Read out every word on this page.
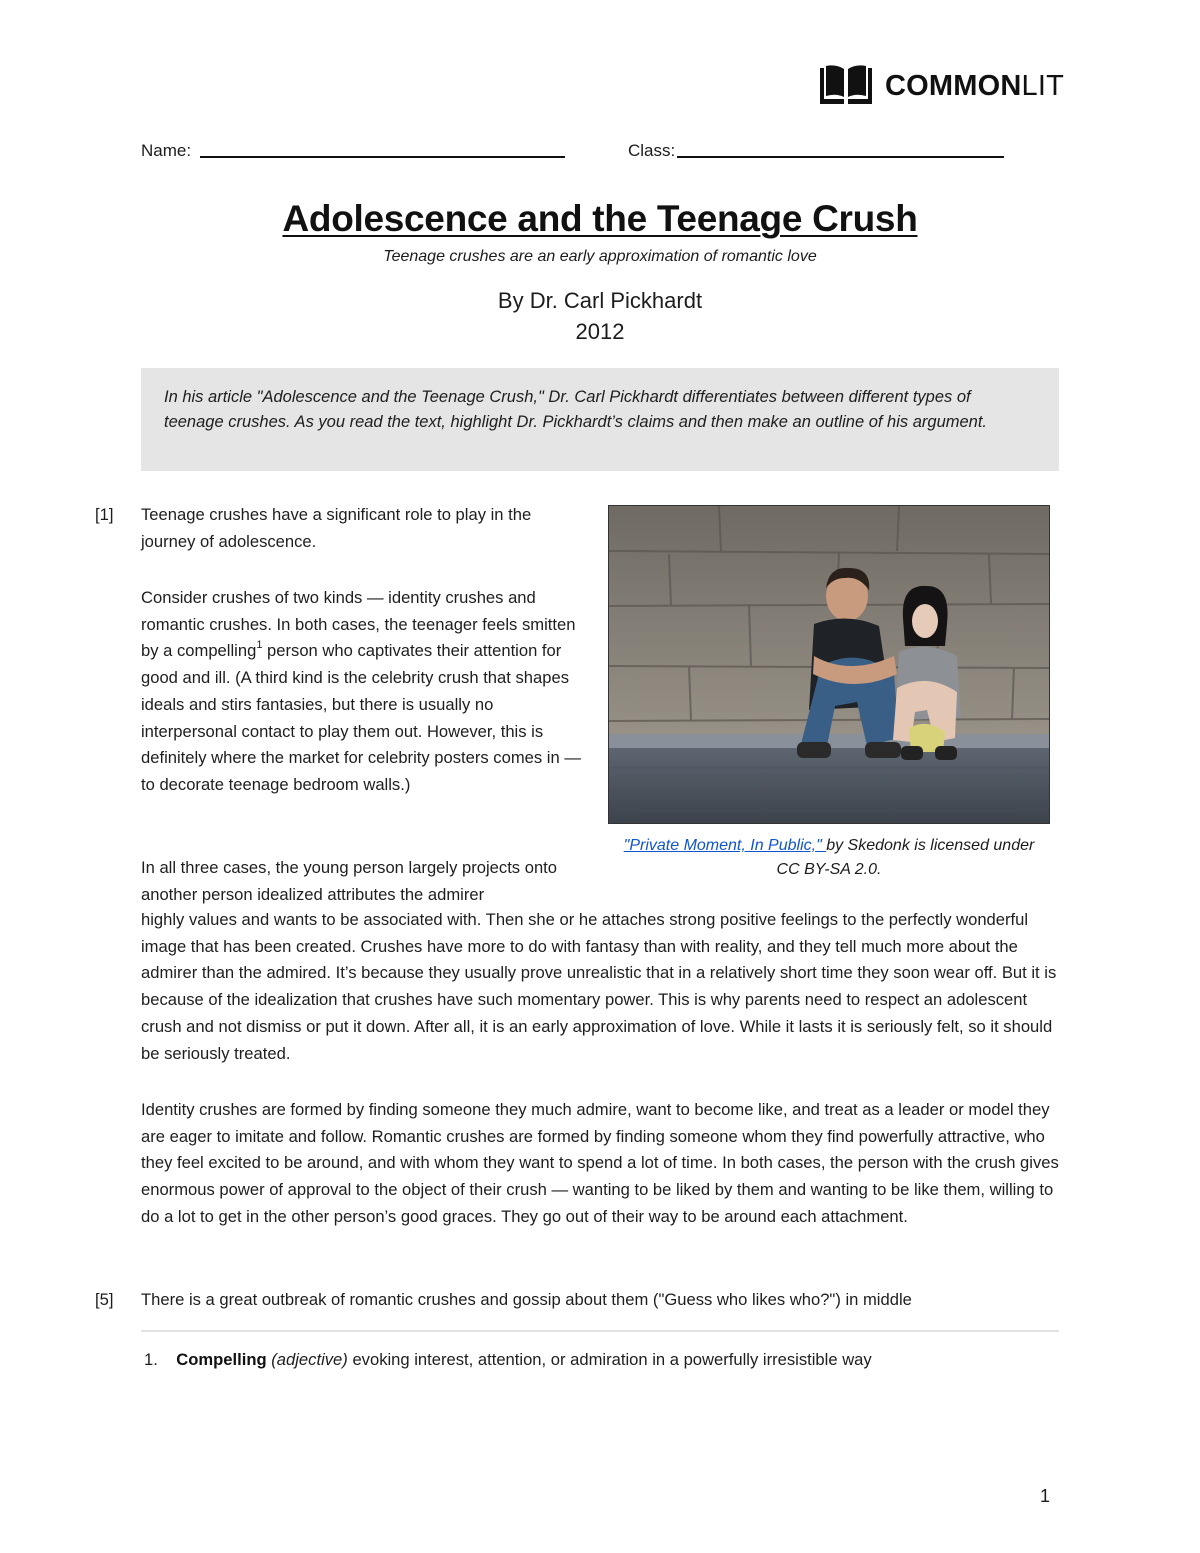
COMMONLIT
Name:	Class:
Adolescence and the Teenage Crush
Teenage crushes are an early approximation of romantic love
By Dr. Carl Pickhardt
2012
In his article "Adolescence and the Teenage Crush," Dr. Carl Pickhardt differentiates between different types of teenage crushes. As you read the text, highlight Dr. Pickhardt’s claims and then make an outline of his argument.
[1] Teenage crushes have a significant role to play in the journey of adolescence.
Consider crushes of two kinds — identity crushes and romantic crushes. In both cases, the teenager feels smitten by a compelling$^1$ person who captivates their attention for good and ill. (A third kind is the celebrity crush that shapes ideals and stirs fantasies, but there is usually no interpersonal contact to play them out. However, this is definitely where the market for celebrity posters comes in — to decorate teenage bedroom walls.)
In all three cases, the young person largely projects onto another person idealized attributes the admirer
highly values and wants to be associated with. Then she or he attaches strong positive feelings to the perfectly wonderful image that has been created. Crushes have more to do with fantasy than with reality, and they tell much more about the admirer than the admired. It’s because they usually prove unrealistic that in a relatively short time they soon wear off. But it is because of the idealization that crushes have such momentary power. This is why parents need to respect an adolescent crush and not dismiss or put it down. After all, it is an early approximation of love. While it lasts it is seriously felt, so it should be seriously treated.
Identity crushes are formed by finding someone they much admire, want to become like, and treat as a leader or model they are eager to imitate and follow. Romantic crushes are formed by finding someone whom they find powerfully attractive, who they feel excited to be around, and with whom they want to spend a lot of time. In both cases, the person with the crush gives enormous power of approval to the object of their crush — wanting to be liked by them and wanting to be like them, willing to do a lot to get in the other person’s good graces. They go out of their way to be around each attachment.
[5] There is a great outbreak of romantic crushes and gossip about them ("Guess who likes who?") in middle
"Private Moment, In Public," by Skedonk is licensed under CC BY-SA 2.0.
1. Compelling (adjective) evoking interest, attention, or admiration in a powerfully irresistible way
1
